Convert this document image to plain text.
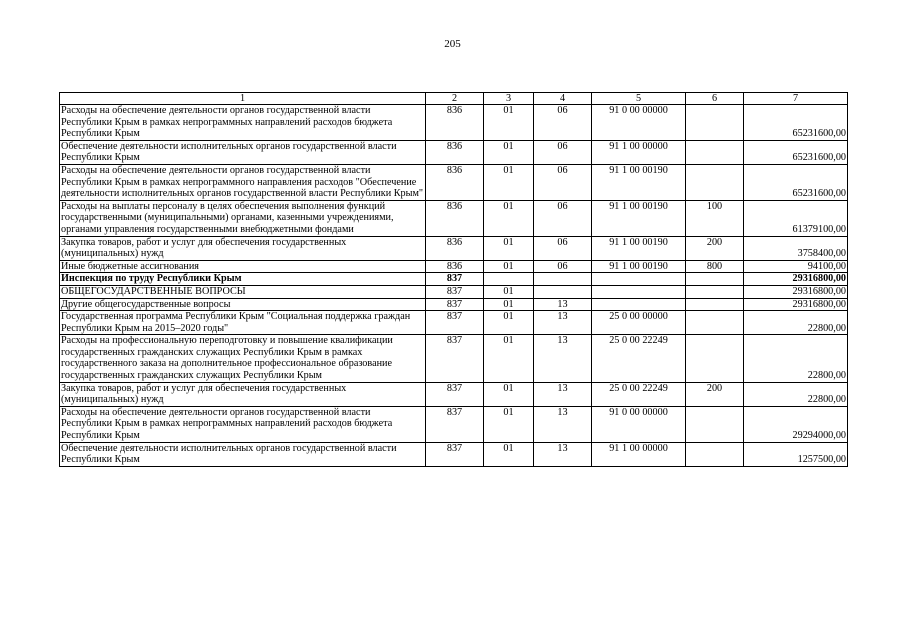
205
1	2	3	4	5	6	7
Расходы на обеспечение деятельности органов государственной власти Республики Крым в рамках непрограммных направлений расходов бюджета Республики Крым	836	01	06	91 0 00 00000		65231600,00
Обеспечение деятельности исполнительных органов государственной власти Республики Крым	836	01	06	91 1 00 00000		65231600,00
Расходы на обеспечение деятельности органов государственной власти Республики Крым в рамках непрограммного направления расходов "Обеспечение деятельности исполнительных органов государственной власти Республики Крым"	836	01	06	91 1 00 00190		65231600,00
Расходы на выплаты персоналу в целях обеспечения выполнения функций государственными (муниципальными) органами, казенными учреждениями, органами управления государственными внебюджетными фондами	836	01	06	91 1 00 00190	100	61379100,00
Закупка товаров, работ и услуг для обеспечения государственных (муниципальных) нужд	836	01	06	91 1 00 00190	200	3758400,00
Иные бюджетные ассигнования	836	01	06	91 1 00 00190	800	94100,00
Инспекция по труду Республики Крым	837					29316800,00
ОБЩЕГОСУДАРСТВЕННЫЕ ВОПРОСЫ	837	01				29316800,00
Другие общегосударственные вопросы	837	01	13			29316800,00
Государственная программа Республики Крым "Социальная поддержка граждан Республики Крым на 2015–2020 годы"	837	01	13	25 0 00 00000		22800,00
Расходы на профессиональную переподготовку и повышение квалификации государственных гражданских служащих Республики Крым в рамках государственного заказа на дополнительное профессиональное образование государственных гражданских служащих Республики Крым	837	01	13	25 0 00 22249		22800,00
Закупка товаров, работ и услуг для обеспечения государственных (муниципальных) нужд	837	01	13	25 0 00 22249	200	22800,00
Расходы на обеспечение деятельности органов государственной власти Республики Крым в рамках непрограммных направлений расходов бюджета Республики Крым	837	01	13	91 0 00 00000		29294000,00
Обеспечение деятельности исполнительных органов государственной власти Республики Крым	837	01	13	91 1 00 00000		1257500,00
